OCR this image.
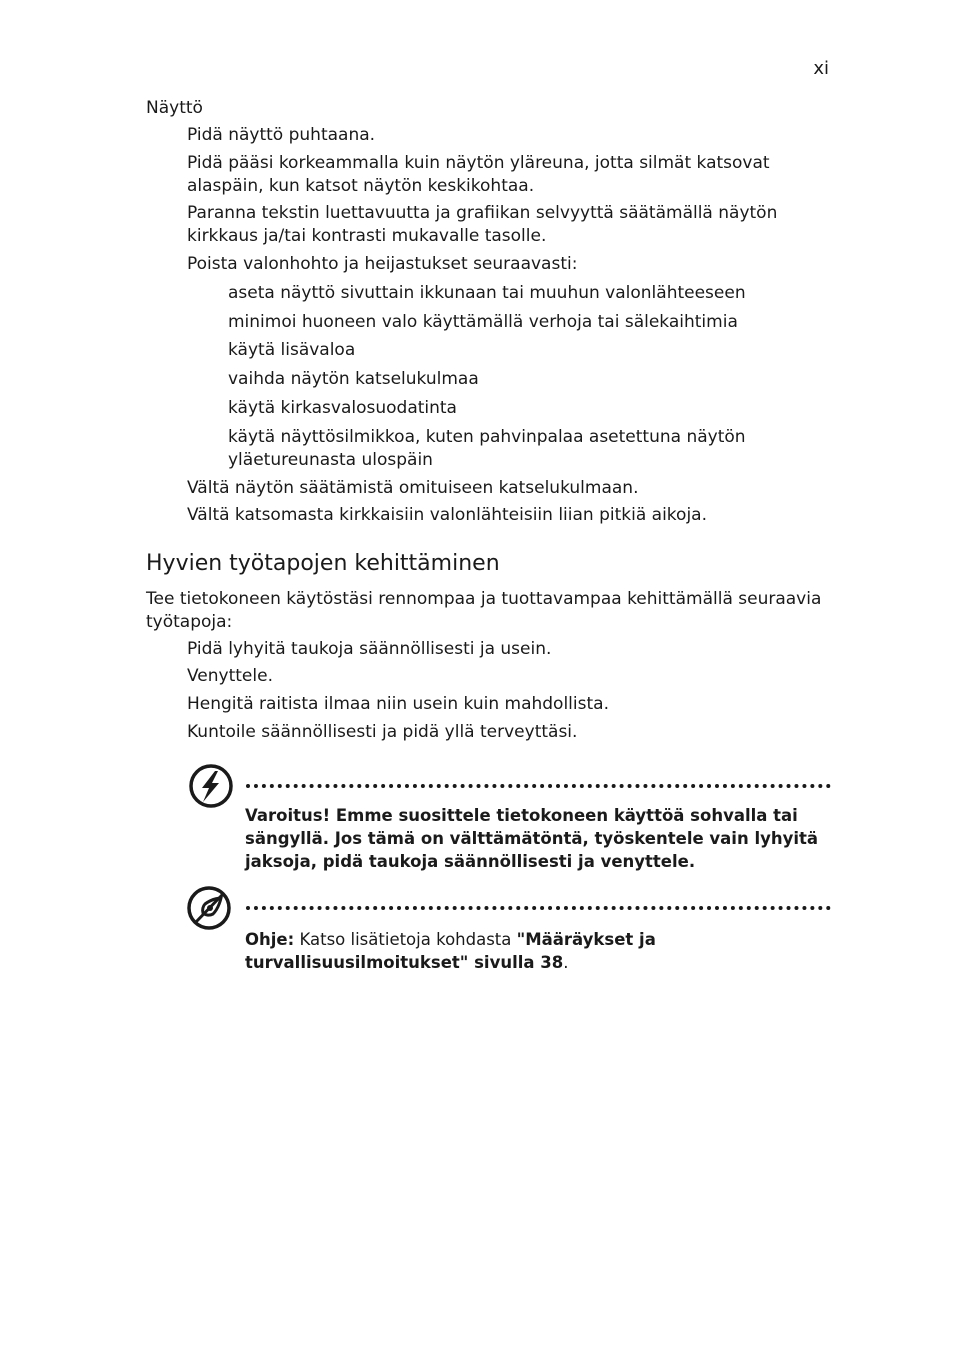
xi
Näyttö
Pidä näyttö puhtaana.
Pidä pääsi korkeammalla kuin näytön yläreuna, jotta silmät katsovat alaspäin, kun katsot näytön keskikohtaa.
Paranna tekstin luettavuutta ja grafiikan selvyyttä säätämällä näytön kirkkaus ja/tai kontrasti mukavalle tasolle.
Poista valonhohto ja heijastukset seuraavasti:
aseta näyttö sivuttain ikkunaan tai muuhun valonlähteeseen
minimoi huoneen valo käyttämällä verhoja tai sälekaihtimia
käytä lisävaloa
vaihda näytön katselukulmaa
käytä kirkasvalosuodatinta
käytä näyttösilmikkoa, kuten pahvinpalaa asetettuna näytön yläetureunasta ulospäin
Vältä näytön säätämistä omituiseen katselukulmaan.
Vältä katsomasta kirkkaisiin valonlähteisiin liian pitkiä aikoja.
Hyvien työtapojen kehittäminen
Tee tietokoneen käytöstäsi rennompaa ja tuottavampaa kehittämällä seuraavia työtapoja:
Pidä lyhyitä taukoja säännöllisesti ja usein.
Venyttele.
Hengitä raitista ilmaa niin usein kuin mahdollista.
Kuntoile säännöllisesti ja pidä yllä terveyttäsi.
Varoitus! Emme suosittele tietokoneen käyttöä sohvalla tai sängyllä. Jos tämä on välttämätöntä, työskentele vain lyhyitä jaksoja, pidä taukoja säännöllisesti ja venyttele.
Ohje: Katso lisätietoja kohdasta "Määräykset ja turvallisuusilmoitukset" sivulla 38.
